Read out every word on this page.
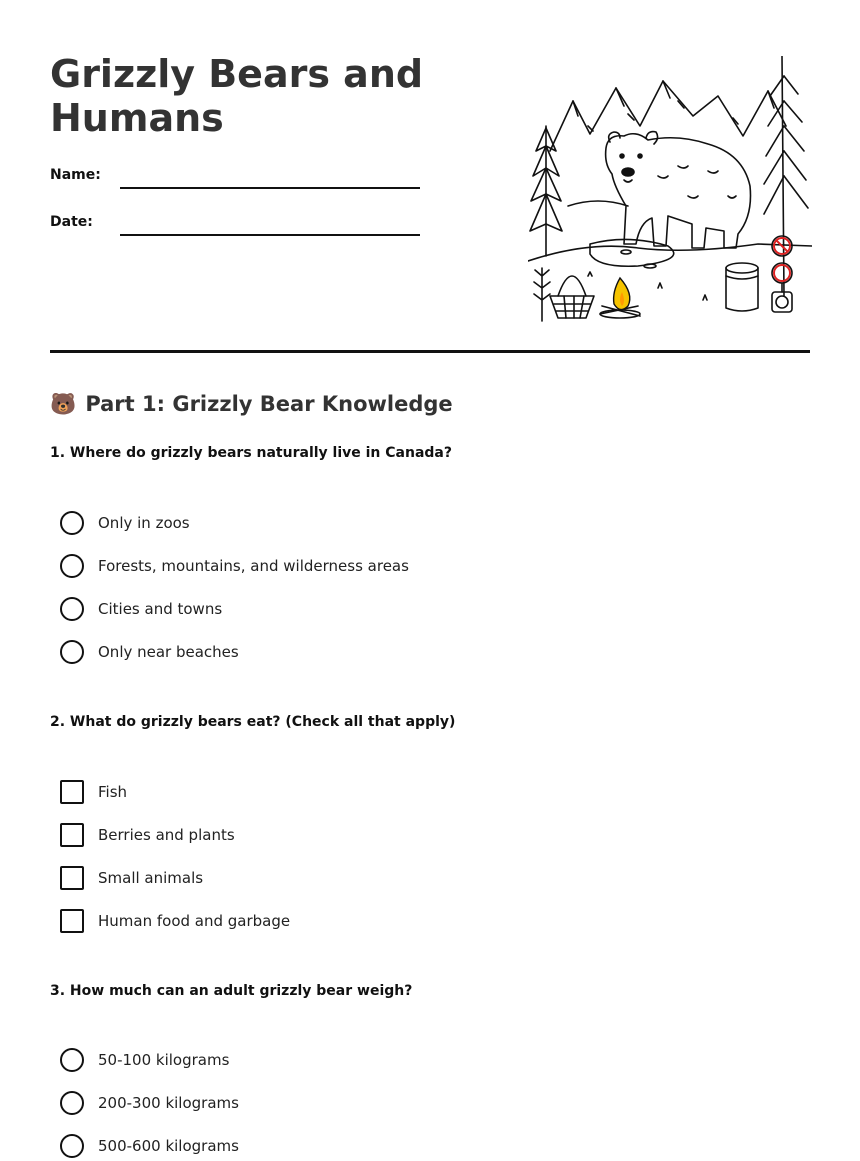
Grizzly Bears and Humans
Name:
Date:
🐻 Part 1: Grizzly Bear Knowledge

1. Where do grizzly bears naturally live in Canada?

Only in zoos
Forests, mountains, and wilderness areas
Cities and towns
Only near beaches

2. What do grizzly bears eat? (Check all that apply)

Fish
Berries and plants
Small animals
Human food and garbage

3. How much can an adult grizzly bear weigh?

50-100 kilograms
200-300 kilograms
500-600 kilograms
